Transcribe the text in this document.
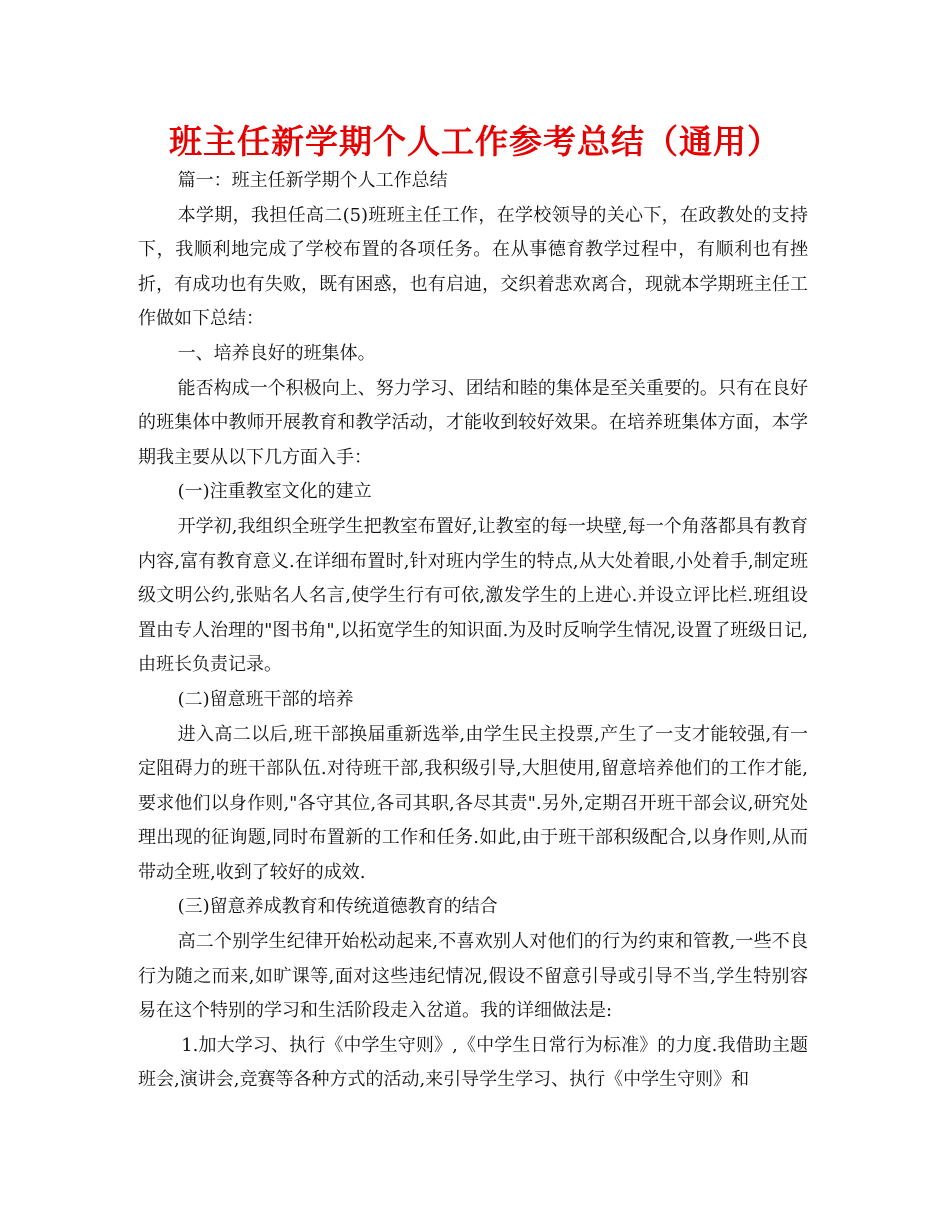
班主任新学期个人工作参考总结（通用）

篇一：班主任新学期个人工作总结

本学期，我担任高二(5)班班主任工作，在学校领导的关心下，在政教处的支持下，我顺利地完成了学校布置的各项任务。在从事德育教学过程中，有顺利也有挫折，有成功也有失败，既有困惑，也有启迪，交织着悲欢离合，现就本学期班主任工作做如下总结：

一、培养良好的班集体。

能否构成一个积极向上、努力学习、团结和睦的集体是至关重要的。只有在良好的班集体中教师开展教育和教学活动，才能收到较好效果。在培养班集体方面，本学期我主要从以下几方面入手：

(一)注重教室文化的建立

开学初,我组织全班学生把教室布置好,让教室的每一块壁,每一个角落都具有教育内容,富有教育意义.在详细布置时,针对班内学生的特点,从大处着眼,小处着手,制定班级文明公约,张贴名人名言,使学生行有可依,激发学生的上进心.并设立评比栏.班组设置由专人治理的"图书角",以拓宽学生的知识面.为及时反响学生情况,设置了班级日记,由班长负责记录。

(二)留意班干部的培养

进入高二以后,班干部换届重新选举,由学生民主投票,产生了一支才能较强,有一定阻碍力的班干部队伍.对待班干部,我积级引导,大胆使用,留意培养他们的工作才能,要求他们以身作则,"各守其位,各司其职,各尽其责".另外,定期召开班干部会议,研究处理出现的征询题,同时布置新的工作和任务.如此,由于班干部积级配合,以身作则,从而带动全班,收到了较好的成效.

(三)留意养成教育和传统道德教育的结合

高二个别学生纪律开始松动起来,不喜欢别人对他们的行为约束和管教,一些不良行为随之而来,如旷课等,面对这些违纪情况,假设不留意引导或引导不当,学生特别容易在这个特别的学习和生活阶段走入岔道。我的详细做法是:

1.加大学习、执行《中学生守则》,《中学生日常行为标准》的力度.我借助主题班会,演讲会,竞赛等各种方式的活动,来引导学生学习、执行《中学生守则》和
